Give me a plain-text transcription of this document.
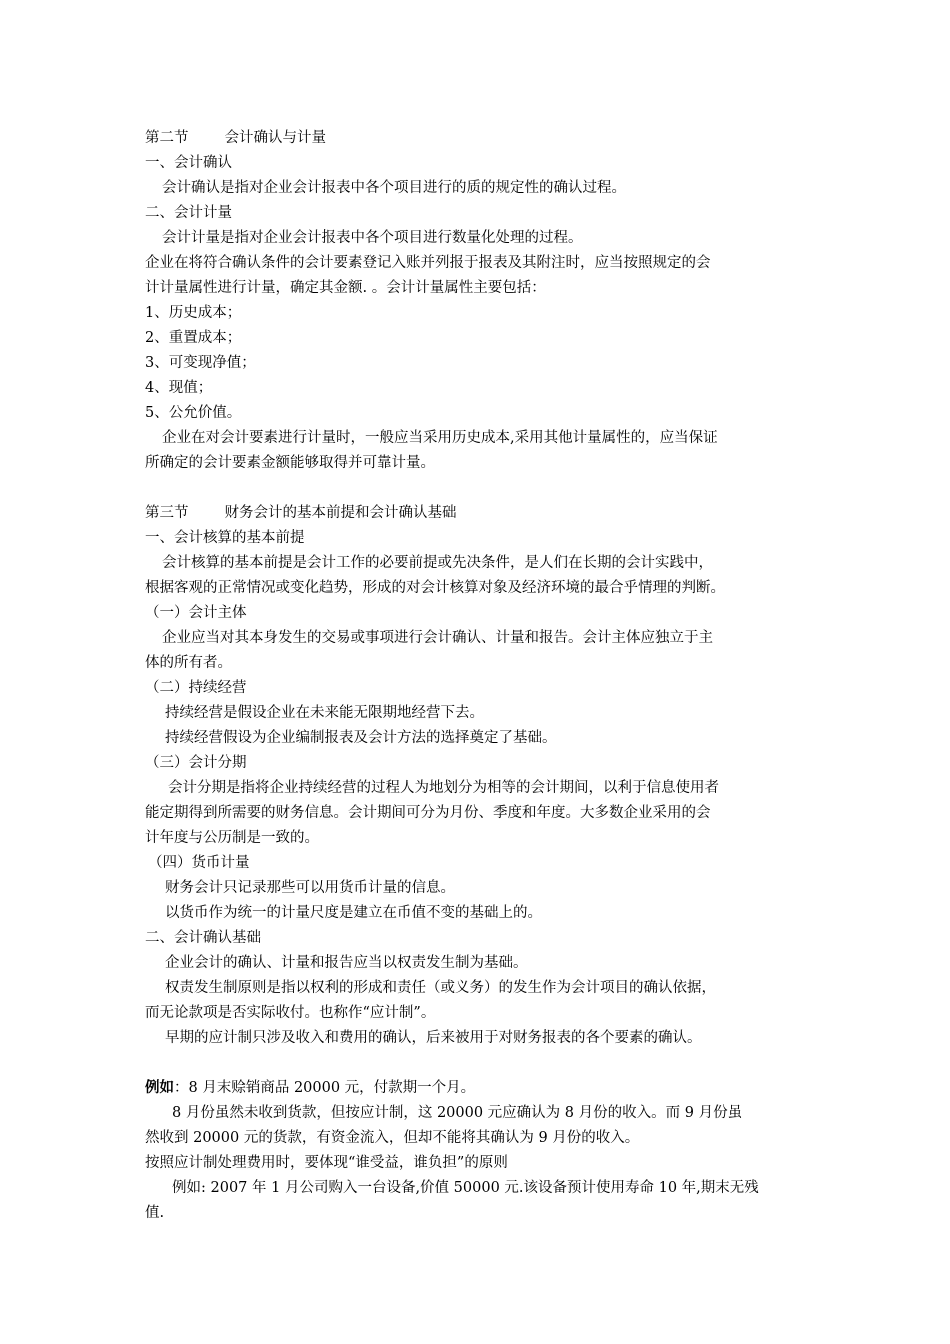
第二节 会计确认与计量
一、会计确认
会计确认是指对企业会计报表中各个项目进行的质的规定性的确认过程。
二、会计计量
会计计量是指对企业会计报表中各个项目进行数量化处理的过程。
企业在将符合确认条件的会计要素登记入账并列报于报表及其附注时，应当按照规定的会
计计量属性进行计量，确定其金额. 。会计计量属性主要包括：
1、历史成本；
2、重置成本；
3、可变现净值；
4、现值；
5、公允价值。
企业在对会计要素进行计量时，一般应当采用历史成本,采用其他计量属性的，应当保证
所确定的会计要素金额能够取得并可靠计量。
第三节 财务会计的基本前提和会计确认基础
一、会计核算的基本前提
会计核算的基本前提是会计工作的必要前提或先决条件，是人们在长期的会计实践中，
根据客观的正常情况或变化趋势，形成的对会计核算对象及经济环境的最合乎情理的判断。
（一）会计主体
企业应当对其本身发生的交易或事项进行会计确认、计量和报告。会计主体应独立于主
体的所有者。
（二）持续经营
持续经营是假设企业在未来能无限期地经营下去。
持续经营假设为企业编制报表及会计方法的选择奠定了基础。
（三）会计分期
会计分期是指将企业持续经营的过程人为地划分为相等的会计期间，以利于信息使用者
能定期得到所需要的财务信息。会计期间可分为月份、季度和年度。大多数企业采用的会
计年度与公历制是一致的。
（四）货币计量
财务会计只记录那些可以用货币计量的信息。
以货币作为统一的计量尺度是建立在币值不变的基础上的。
二、会计确认基础
企业会计的确认、计量和报告应当以权责发生制为基础。
权责发生制原则是指以权利的形成和责任（或义务）的发生作为会计项目的确认依据，
而无论款项是否实际收付。也称作“应计制”。
早期的应计制只涉及收入和费用的确认，后来被用于对财务报表的各个要素的确认。
例如：8 月末赊销商品 20000 元，付款期一个月。
8 月份虽然未收到货款，但按应计制，这 20000 元应确认为 8 月份的收入。而 9 月份虽
然收到 20000 元的货款，有资金流入，但却不能将其确认为 9 月份的收入。
按照应计制处理费用时，要体现“谁受益，谁负担”的原则
例如: 2007 年 1 月公司购入一台设备,价值 50000 元.该设备预计使用寿命 10 年,期末无残
值.
